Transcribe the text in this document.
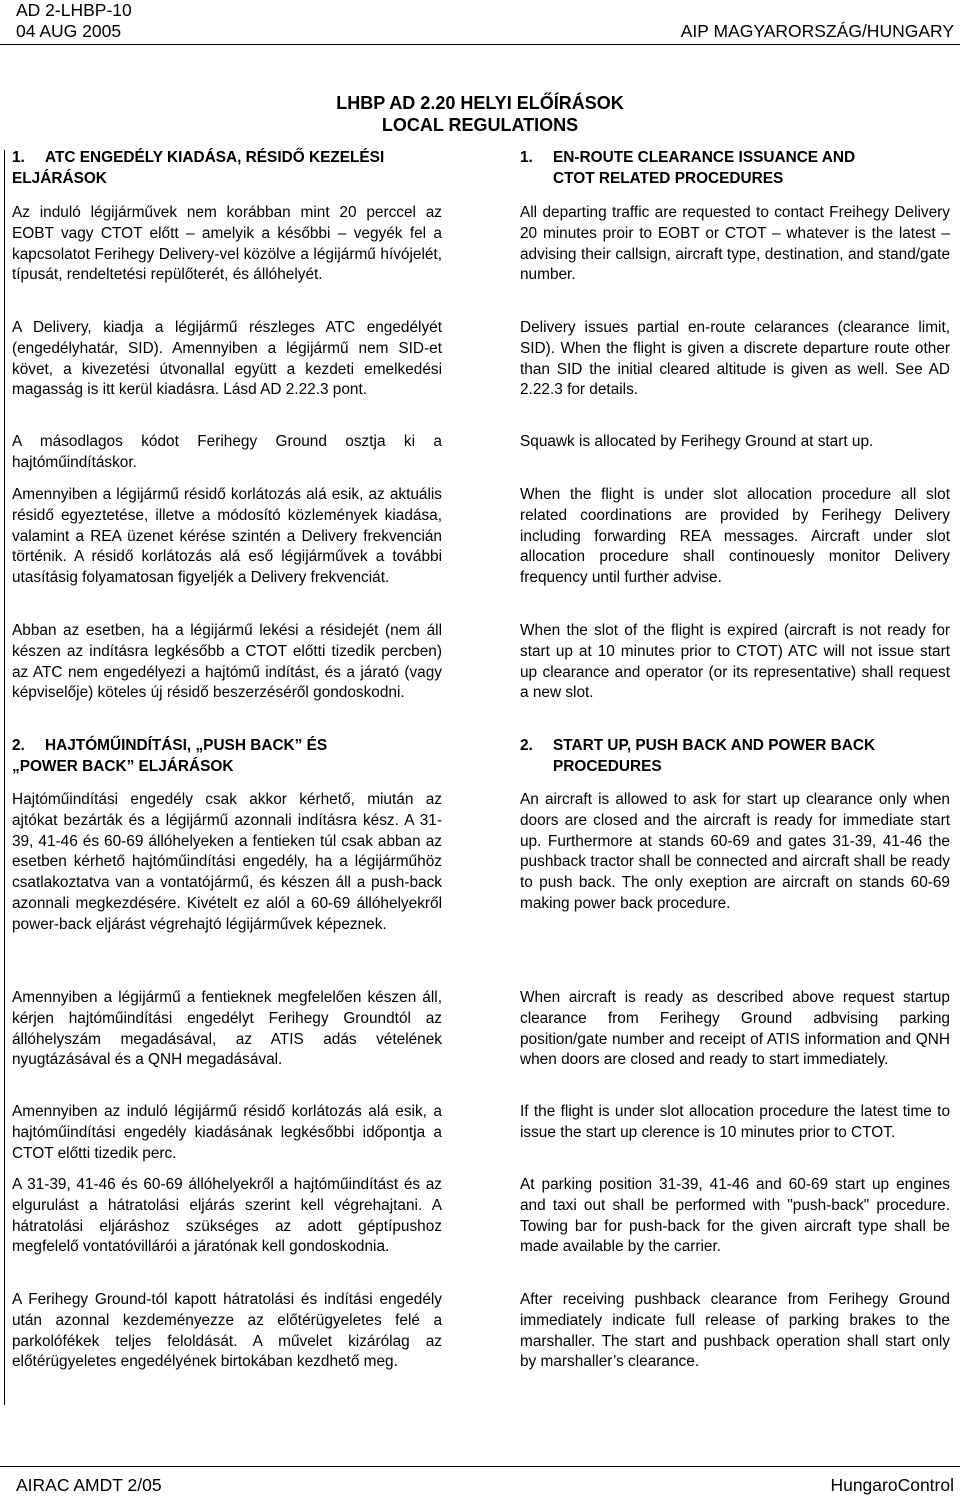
AD 2-LHBP-10
04 AUG 2005	AIP MAGYARORSZÁG/HUNGARY
LHBP AD 2.20 HELYI ELŐÍRÁSOK
LOCAL REGULATIONS
1. ATC ENGEDÉLY KIADÁSA, RÉSIDŐ KEZELÉSI
ELJÁRÁSOK
Az induló légijárművek nem korábban mint 20 perccel az EOBT vagy CTOT előtt – amelyik a későbbi – vegyék fel a kapcsolatot Ferihegy Delivery-vel közölve a légijármű hívójelét, típusát, rendeltetési repülőterét, és állóhelyét.
A Delivery, kiadja a légijármű részleges ATC engedélyét (engedélyhatár, SID). Amennyiben a légijármű nem SID-et követ, a kivezetési útvonallal együtt a kezdeti emelkedési magasság is itt kerül kiadásra. Lásd AD 2.22.3 pont.
A másodlagos kódot Ferihegy Ground osztja ki a hajtóműindításkor.
Amennyiben a légijármű résidő korlátozás alá esik, az aktuális résidő egyeztetése, illetve a módosító közlemények kiadása, valamint a REA üzenet kérése szintén a Delivery frekvencián történik. A résidő korlátozás alá eső légijárművek a további utasításig folyamatosan figyeljék a Delivery frekvenciát.
Abban az esetben, ha a légijármű lekési a résidejét (nem áll készen az indításra legkésőbb a CTOT előtti tizedik percben) az ATC nem engedélyezi a hajtómű indítást, és a járató (vagy képviselője) köteles új résidő beszerzéséről gondoskodni.
2. HAJTÓMŰINDÍTÁSI, „PUSH BACK” ÉS
„POWER BACK” ELJÁRÁSOK
Hajtóműindítási engedély csak akkor kérhető, miután az ajtókat bezárták és a légijármű azonnali indításra kész. A 31-39, 41-46 és 60-69 állóhelyeken a fentieken túl csak abban az esetben kérhető hajtóműindítási engedély, ha a légijárműhöz csatlakoztatva van a vontatójármű, és készen áll a push-back azonnali megkezdésére. Kivételt ez alól a 60-69 állóhelyekről power-back eljárást végrehajtó légijárművek képeznek.
Amennyiben a légijármű a fentieknek megfelelően készen áll, kérjen hajtóműindítási engedélyt Ferihegy Groundtól az állóhelyszám megadásával, az ATIS adás vételének nyugtázásával és a QNH megadásával.
Amennyiben az induló légijármű résidő korlátozás alá esik, a hajtóműindítási engedély kiadásának legkésőbbi időpontja a CTOT előtti tizedik perc.
A 31-39, 41-46 és 60-69 állóhelyekről a hajtóműindítást és az elgurulást a hátratolási eljárás szerint kell végrehajtani. A hátratolási eljáráshoz szükséges az adott géptípushoz megfelelő vontatóvillárói a járatónak kell gondoskodnia.
A Ferihegy Ground-tól kapott hátratolási és indítási engedély után azonnal kezdeményezze az előtérügyeletes felé a parkolófékek teljes feloldását. A művelet kizárólag az előtérügyeletes engedélyének birtokában kezdhető meg.
1. EN-ROUTE CLEARANCE ISSUANCE AND
CTOT RELATED PROCEDURES
All departing traffic are requested to contact Freihegy Delivery 20 minutes proir to EOBT or CTOT – whatever is the latest – advising their callsign, aircraft type, destination, and stand/gate number.
Delivery issues partial en-route celarances (clearance limit, SID). When the flight is given a discrete departure route other than SID the initial cleared altitude is given as well. See AD 2.22.3 for details.
Squawk is allocated by Ferihegy Ground at start up.
When the flight is under slot allocation procedure all slot related coordinations are provided by Ferihegy Delivery including forwarding REA messages. Aircraft under slot allocation procedure shall continouesly monitor Delivery frequency until further advise.
When the slot of the flight is expired (aircraft is not ready for start up at 10 minutes prior to CTOT) ATC will not issue start up clearance and operator (or its representative) shall request a new slot.
2. START UP, PUSH BACK AND POWER BACK
PROCEDURES
An aircraft is allowed to ask for start up clearance only when doors are closed and the aircraft is ready for immediate start up. Furthermore at stands 60-69 and gates 31-39, 41-46 the pushback tractor shall be connected and aircraft shall be ready to push back. The only exeption are aircraft on stands 60-69 making power back procedure.
When aircraft is ready as described above request startup clearance from Ferihegy Ground adbvising parking position/gate number and receipt of ATIS information and QNH when doors are closed and ready to start immediately.
If the flight is under slot allocation procedure the latest time to issue the start up clerence is 10 minutes prior to CTOT.
At parking position 31-39, 41-46 and 60-69 start up engines and taxi out shall be performed with "push-back" procedure. Towing bar for push-back for the given aircraft type shall be made available by the carrier.
After receiving pushback clearance from Ferihegy Ground immediately indicate full release of parking brakes to the marshaller. The start and pushback operation shall start only by marshaller’s clearance.
AIRAC AMDT 2/05	HungaroControl
